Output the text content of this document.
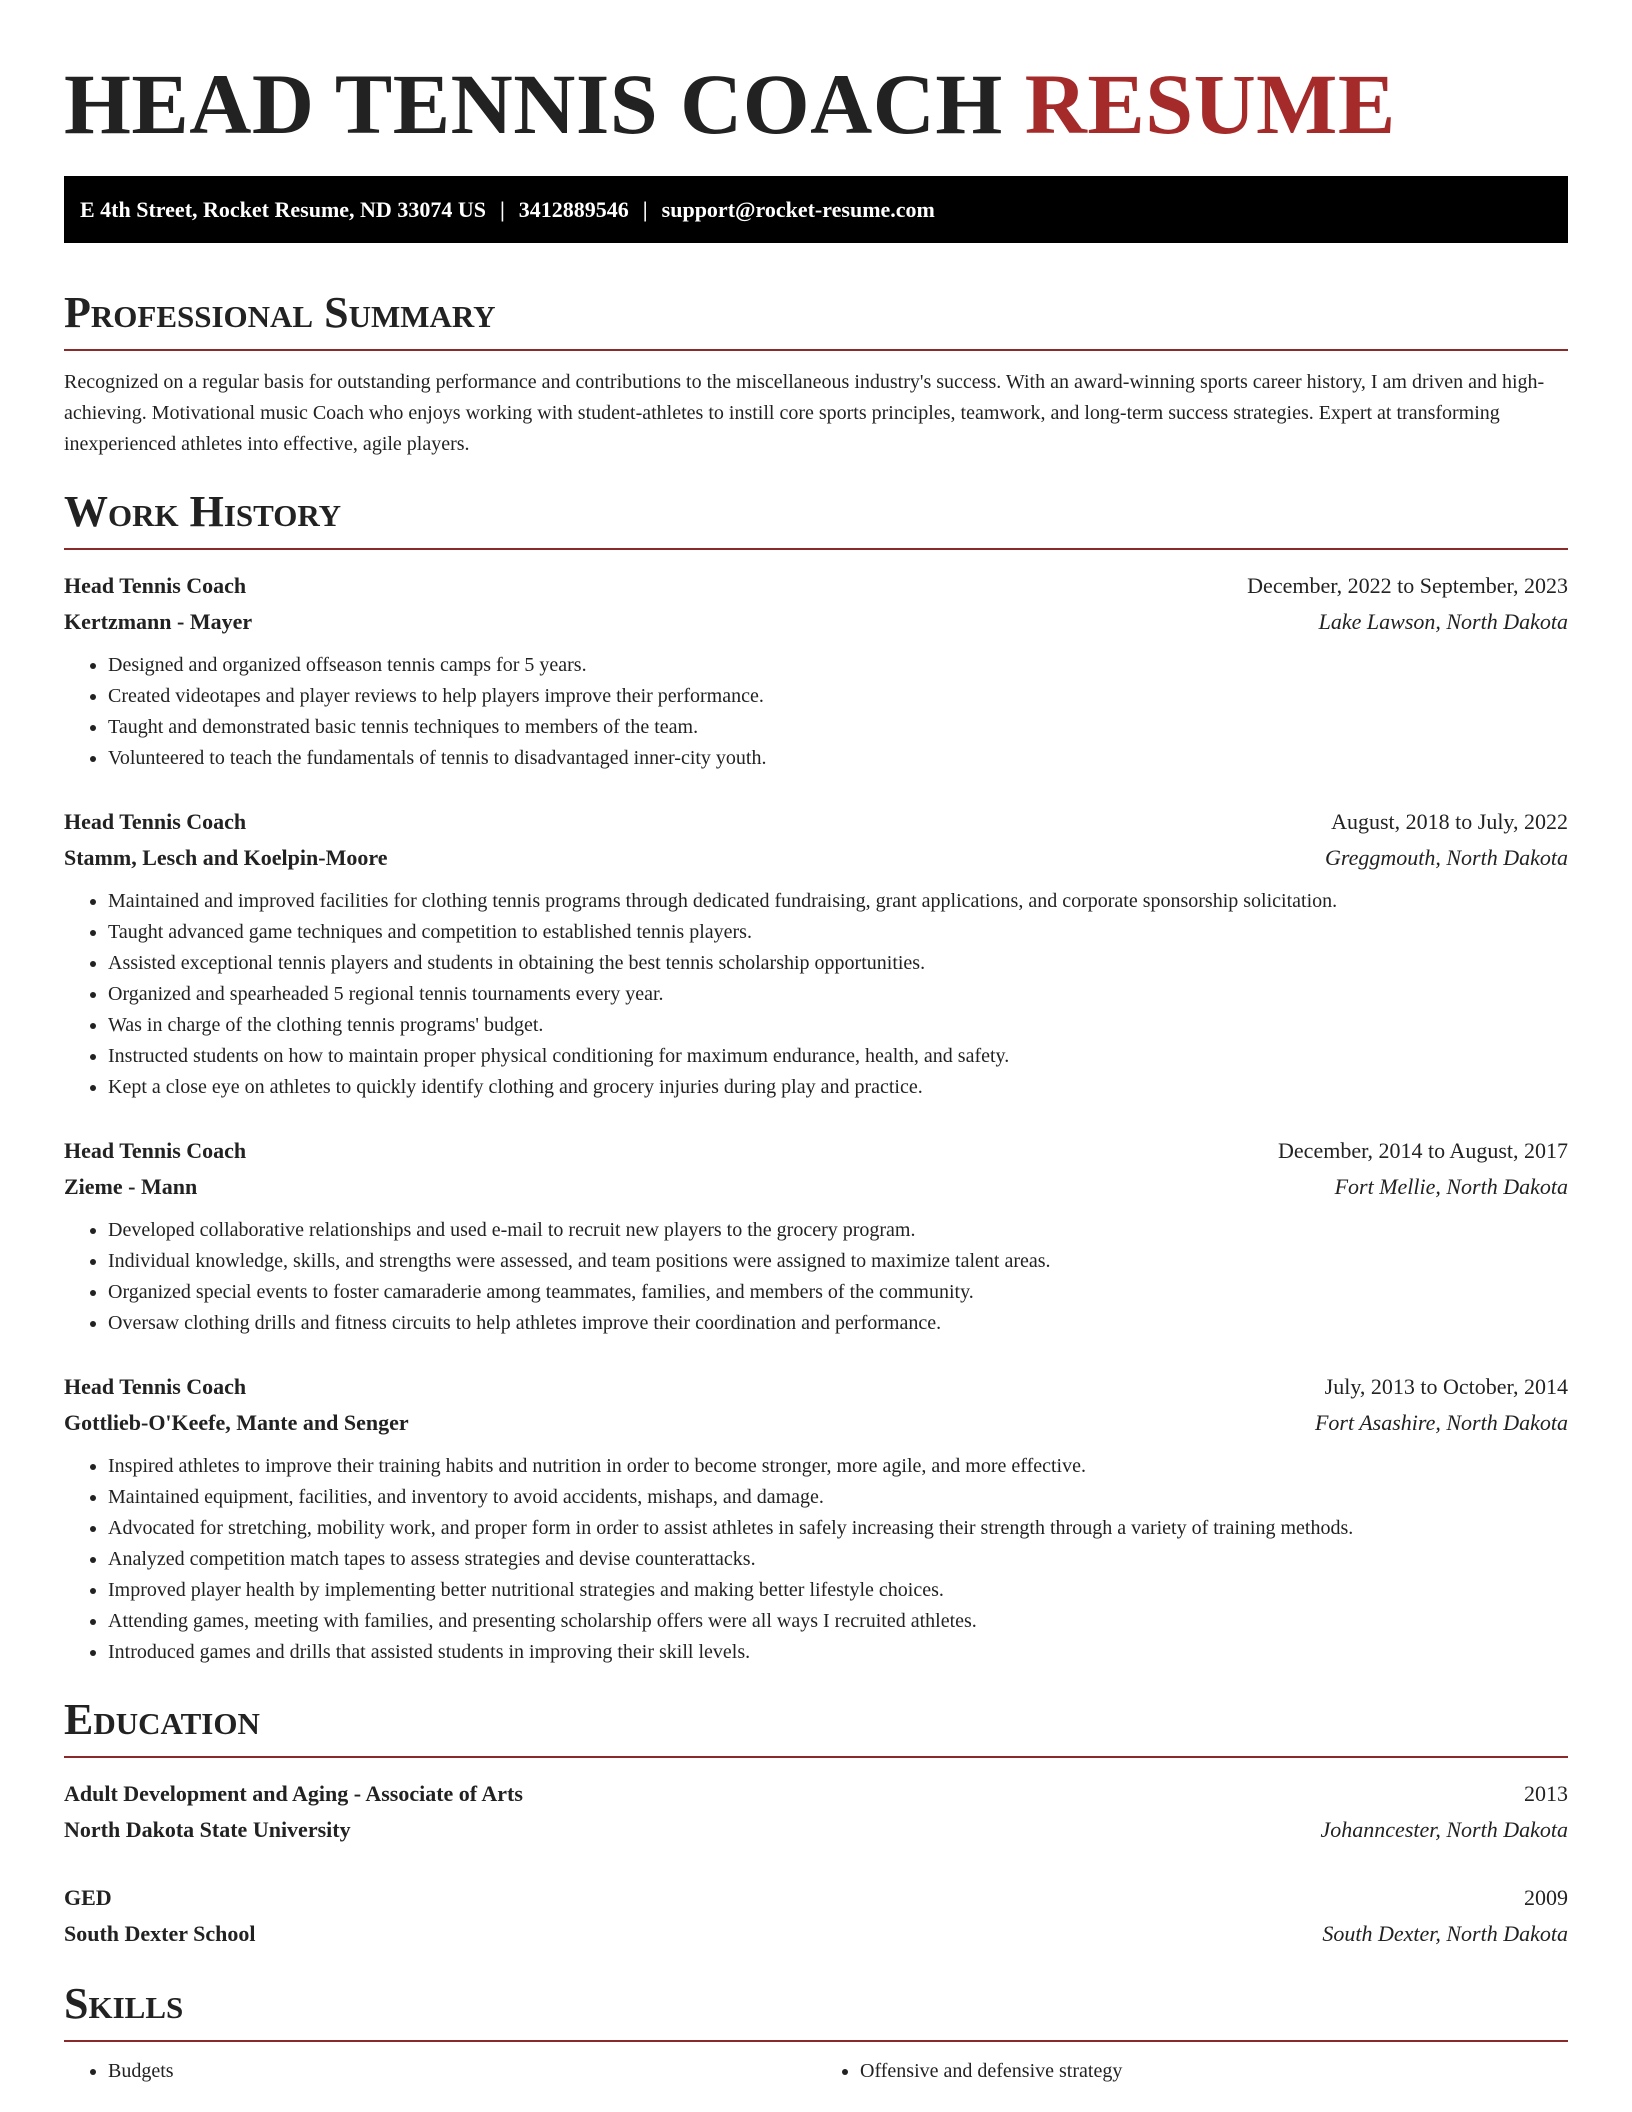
HEAD TENNIS COACH RESUME
E 4th Street, Rocket Resume, ND 33074 US | 3412889546 | support@rocket-resume.com
Professional Summary

Recognized on a regular basis for outstanding performance and contributions to the miscellaneous industry's success. With an award-winning sports career history, I am driven and high-achieving. Motivational music Coach who enjoys working with student-athletes to instill core sports principles, teamwork, and long-term success strategies. Expert at transforming inexperienced athletes into effective, agile players.

Work History
Head Tennis Coach	December, 2022 to September, 2023
Kertzmann - Mayer	Lake Lawson, North Dakota
• Designed and organized offseason tennis camps for 5 years.
• Created videotapes and player reviews to help players improve their performance.
• Taught and demonstrated basic tennis techniques to members of the team.
• Volunteered to teach the fundamentals of tennis to disadvantaged inner-city youth.
Head Tennis Coach	August, 2018 to July, 2022
Stamm, Lesch and Koelpin-Moore	Greggmouth, North Dakota
• Maintained and improved facilities for clothing tennis programs through dedicated fundraising, grant applications, and corporate sponsorship solicitation.
• Taught advanced game techniques and competition to established tennis players.
• Assisted exceptional tennis players and students in obtaining the best tennis scholarship opportunities.
• Organized and spearheaded 5 regional tennis tournaments every year.
• Was in charge of the clothing tennis programs' budget.
• Instructed students on how to maintain proper physical conditioning for maximum endurance, health, and safety.
• Kept a close eye on athletes to quickly identify clothing and grocery injuries during play and practice.
Head Tennis Coach	December, 2014 to August, 2017
Zieme - Mann	Fort Mellie, North Dakota
• Developed collaborative relationships and used e-mail to recruit new players to the grocery program.
• Individual knowledge, skills, and strengths were assessed, and team positions were assigned to maximize talent areas.
• Organized special events to foster camaraderie among teammates, families, and members of the community.
• Oversaw clothing drills and fitness circuits to help athletes improve their coordination and performance.
Head Tennis Coach	July, 2013 to October, 2014
Gottlieb-O'Keefe, Mante and Senger	Fort Asashire, North Dakota
• Inspired athletes to improve their training habits and nutrition in order to become stronger, more agile, and more effective.
• Maintained equipment, facilities, and inventory to avoid accidents, mishaps, and damage.
• Advocated for stretching, mobility work, and proper form in order to assist athletes in safely increasing their strength through a variety of training methods.
• Analyzed competition match tapes to assess strategies and devise counterattacks.
• Improved player health by implementing better nutritional strategies and making better lifestyle choices.
• Attending games, meeting with families, and presenting scholarship offers were all ways I recruited athletes.
• Introduced games and drills that assisted students in improving their skill levels.
Education
Adult Development and Aging - Associate of Arts	2013
North Dakota State University	Johanncester, North Dakota
GED	2009
South Dexter School	South Dexter, North Dakota
Skills
• Budgets
•	Offensive and defensive strategy
